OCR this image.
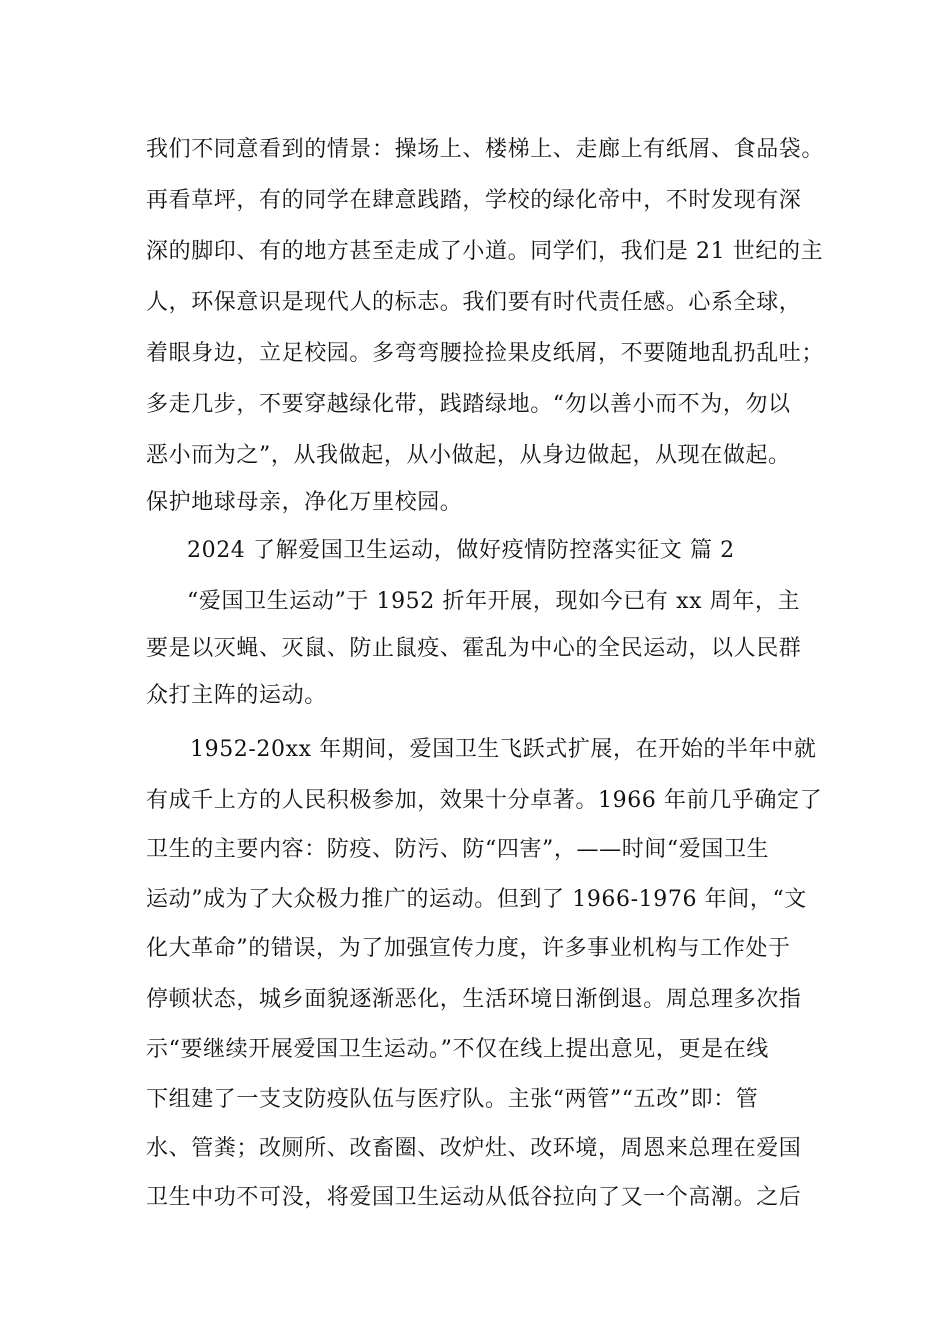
我们不同意看到的情景：操场上、楼梯上、走廊上有纸屑、食品袋。
再看草坪，有的同学在肆意践踏，学校的绿化帝中，不时发现有深
深的脚印、有的地方甚至走成了小道。同学们，我们是 21 世纪的主
人，环保意识是现代人的标志。我们要有时代责任感。心系全球，
着眼身边，立足校园。多弯弯腰捡捡果皮纸屑，不要随地乱扔乱吐；
多走几步，不要穿越绿化带，践踏绿地。“勿以善小而不为，勿以
恶小而为之”，从我做起，从小做起，从身边做起，从现在做起。
保护地球母亲，净化万里校园。
2024 了解爱国卫生运动，做好疫情防控落实征文 篇 2
“爱国卫生运动”于 1952 折年开展，现如今已有 xx 周年，主
要是以灭蝇、灭鼠、防止鼠疫、霍乱为中心的全民运动，以人民群
众打主阵的运动。
1952-20xx 年期间，爱国卫生飞跃式扩展，在开始的半年中就
有成千上方的人民积极参加，效果十分卓著。1966 年前几乎确定了
卫生的主要内容：防疫、防污、防“四害”，——时间“爱国卫生
运动”成为了大众极力推广的运动。但到了 1966-1976 年间，“文
化大革命”的错误，为了加强宣传力度，许多事业机构与工作处于
停顿状态，城乡面貌逐渐恶化，生活环境日渐倒退。周总理多次指
示“要继续开展爱国卫生运动。”不仅在线上提出意见，更是在线
下组建了一支支防疫队伍与医疗队。主张“两管”“五改”即：管
水、管粪；改厕所、改畜圈、改炉灶、改环境，周恩来总理在爱国
卫生中功不可没，将爱国卫生运动从低谷拉向了又一个高潮。之后
